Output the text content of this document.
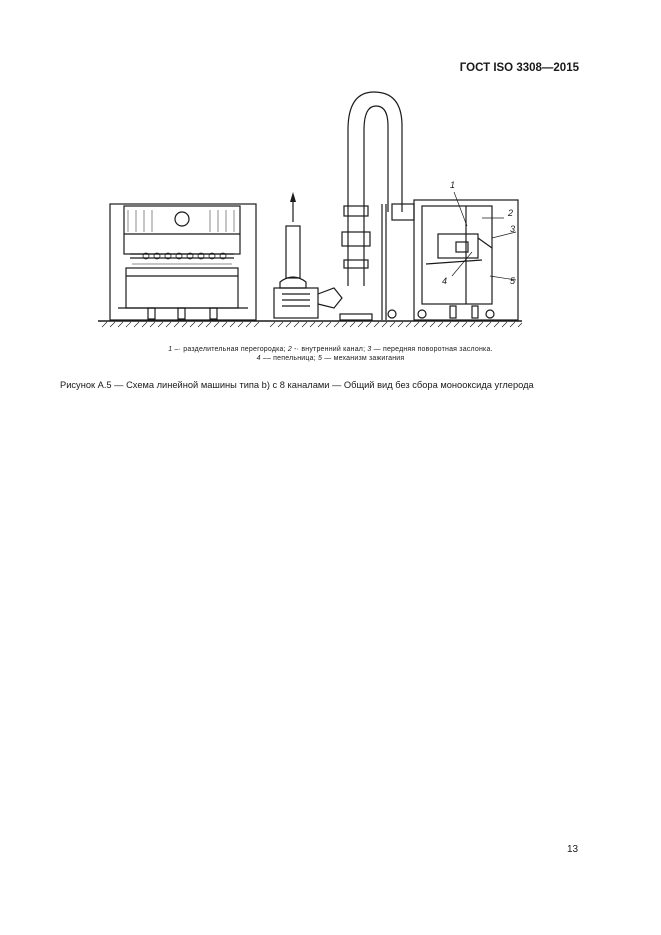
ГОСТ ISO 3308—2015
1
2
3
4	5
1 –· разделительная перегородка; 2 -· внутренний канал; 3 — передняя поворотная заслонка.
4 –– пепельница; 5 — механизм зажигания
Рисунок А.5 — Схема линейной машины типа b) с 8 каналами — Общий вид без сбора монооксида углерода
13
